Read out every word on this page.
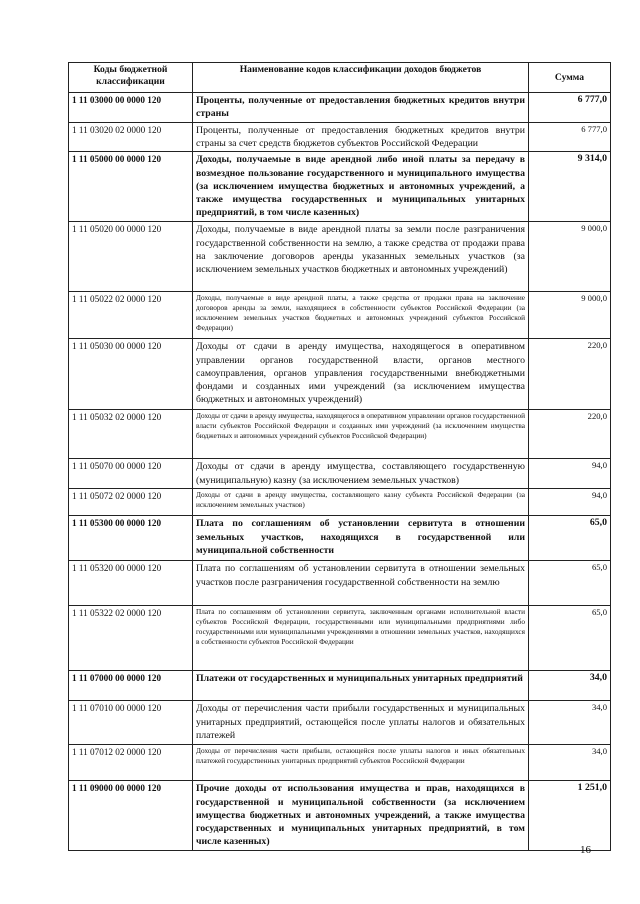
Коды бюджетной классификации	Наименование кодов классификации доходов бюджетов	Сумма
1 11 03000 00 0000 120	Проценты, полученные от предоставления бюджетных кредитов внутри страны	6 777,0
1 11 03020 02 0000 120	Проценты, полученные от предоставления бюджетных кредитов внутри страны за счет средств бюджетов субъектов Российской Федерации	6 777,0
1 11 05000 00 0000 120	Доходы, получаемые в виде арендной либо иной платы за передачу в возмездное пользование государственного и муниципального имущества (за исключением имущества бюджетных и автономных учреждений, а также имущества государственных и муниципальных унитарных предприятий, в том числе казенных)	9 314,0
1 11 05020 00 0000 120	Доходы, получаемые в виде арендной платы за земли после разграничения государственной собственности на землю, а также средства от продажи права на заключение договоров аренды указанных земельных участков (за исключением земельных участков бюджетных и автономных учреждений)	9 000,0
1 11 05022 02 0000 120	Доходы, получаемые в виде арендной платы, а также средства от продажи права на заключение договоров аренды за земли, находящиеся в собственности субъектов Российской Федерации (за исключением земельных участков бюджетных и автономных учреждений субъектов Российской Федерации)	9 000,0
1 11 05030 00 0000 120	Доходы от сдачи в аренду имущества, находящегося в оперативном управлении органов государственной власти, органов местного самоуправления, органов управления государственными внебюджетными фондами и созданных ими учреждений (за исключением имущества бюджетных и автономных учреждений)	220,0
1 11 05032 02 0000 120	Доходы от сдачи в аренду имущества, находящегося в оперативном управлении органов государственной власти субъектов Российской Федерации и созданных ими учреждений (за исключением имущества бюджетных и автономных учреждений субъектов Российской Федерации)	220,0
1 11 05070 00 0000 120	Доходы от сдачи в аренду имущества, составляющего государственную (муниципальную) казну (за исключением земельных участков)	94,0
1 11 05072 02 0000 120	Доходы от сдачи в аренду имущества, составляющего казну субъекта Российской Федерации (за исключением земельных участков)	94,0
1 11 05300 00 0000 120	Плата по соглашениям об установлении сервитута в отношении земельных участков, находящихся в государственной или муниципальной собственности	65,0
1 11 05320 00 0000 120	Плата по соглашениям об установлении сервитута в отношении земельных участков после разграничения государственной собственности на землю	65,0
1 11 05322 02 0000 120	Плата по соглашениям об установлении сервитута, заключенным органами исполнительной власти субъектов Российской Федерации, государственными или муниципальными предприятиями либо государственными или муниципальными учреждениями в отношении земельных участков, находящихся в собственности субъектов Российской Федерации	65,0
1 11 07000 00 0000 120	Платежи от государственных и муниципальных унитарных предприятий	34,0
1 11 07010 00 0000 120	Доходы от перечисления части прибыли государственных и муниципальных унитарных предприятий, остающейся после уплаты налогов и обязательных платежей	34,0
1 11 07012 02 0000 120	Доходы от перечисления части прибыли, остающейся после уплаты налогов и иных обязательных платежей государственных унитарных предприятий субъектов Российской Федерации	34,0
1 11 09000 00 0000 120	Прочие доходы от использования имущества и прав, находящихся в государственной и муниципальной собственности (за исключением имущества бюджетных и автономных учреждений, а также имущества государственных и муниципальных унитарных предприятий, в том числе казенных)	1 251,0
16
